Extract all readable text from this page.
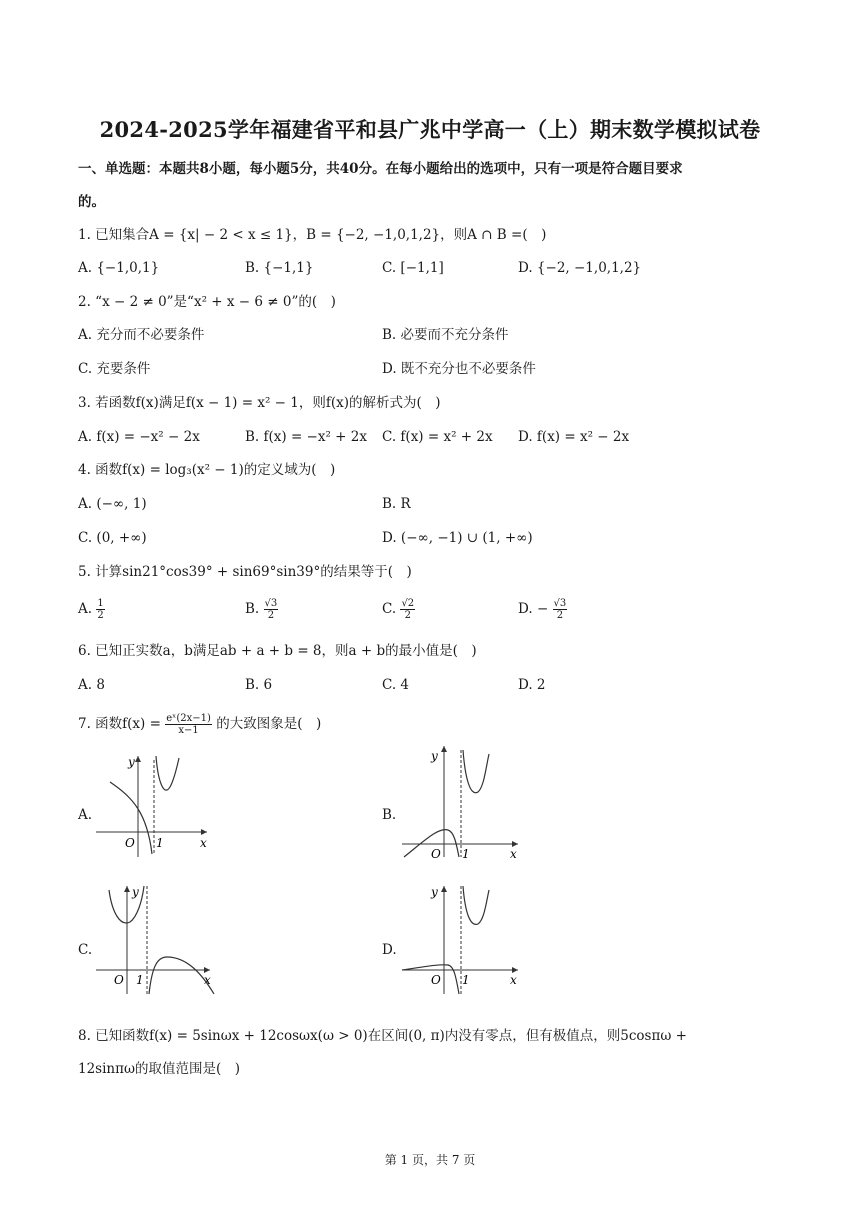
2024-2025学年福建省平和县广兆中学高一（上）期末数学模拟试卷
一、单选题：本题共8小题，每小题5分，共40分。在每小题给出的选项中，只有一项是符合题目要求
的。
1. 已知集合A = {x| − 2 < x ≤ 1}，B = {−2, −1,0,1,2}，则A ∩ B =(　)
A. {−1,0,1}	B. {−1,1}	C. [−1,1]	D. {−2, −1,0,1,2}
2. “x − 2 ≠ 0”是“x² + x − 6 ≠ 0”的(　)
A. 充分而不必要条件	B. 必要而不充分条件
C. 充要条件	D. 既不充分也不必要条件
3. 若函数f(x)满足f(x − 1) = x² − 1，则f(x)的解析式为(　)
A. f(x) = −x² − 2x	B. f(x) = −x² + 2x C. f(x) = x² + 2x D. f(x) = x² − 2x
4. 函数f(x) = log₃(x² − 1)的定义域为(　)
A. (−∞, 1)	B. R
C. (0, +∞)	D. (−∞, −1) ∪ (1, +∞)
5. 计算sin21°cos39° + sin69°sin39°的结果等于(　)
A. $\frac{1}{2}$	B. $\frac{√3}{2}$	C. $\frac{√2}{2}$	D. − $\frac{√3}{2}$
6. 已知正实数a，b满足ab + a + b = 8，则a + b的最小值是(　)
A. 8	B. 6	C. 4	D. 2
7. 函数$f(x) = \frac{\text{eˣ(2x−1)}}{x-1}$ 的大致图象是(　)
A.	B.
C.	D.
y
x
O 1
y
x
O 1
y
x
O 1
y
x
O 1
8. 已知函数f(x) = 5sinωx + 12cosωx(ω > 0)在区间(0, π)内没有零点，但有极值点，则5cosπω +
12sinπω的取值范围是(　)
第 1 页，共 7 页
